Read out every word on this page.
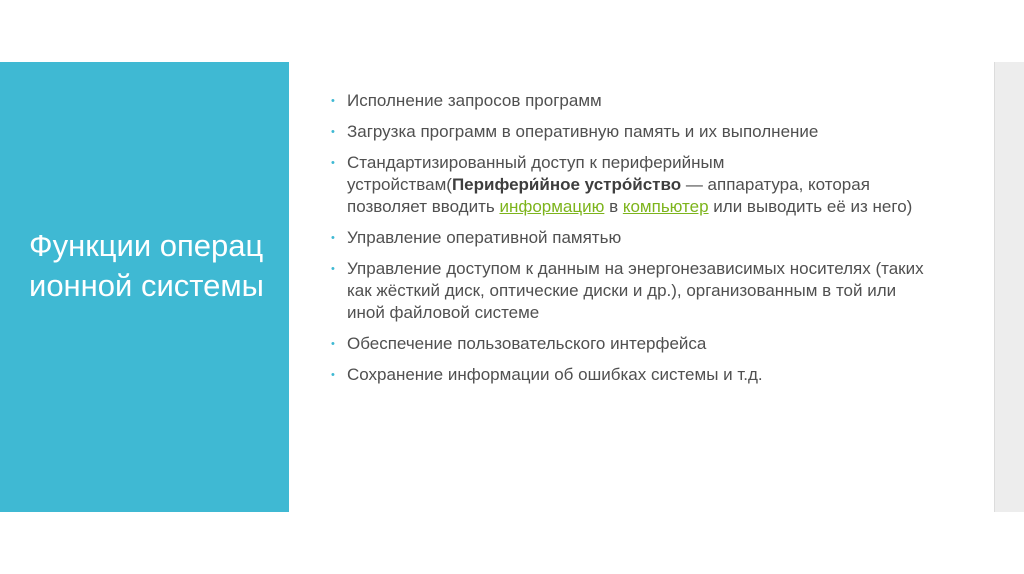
Функции операционной системы
• Исполнение запросов программ
• Загрузка программ в оперативную память и их выполнение
• Стандартизированный доступ к периферийным устройствам(Перифери́йное устро́йство — аппаратура, которая позволяет вводить информацию в компьютер или выводить её из него)
• Управление оперативной памятью
• Управление доступом к данным на энергонезависимых носителях (таких как жёсткий диск, оптические диски и др.), организованным в той или иной файловой системе
• Обеспечение пользовательского интерфейса
• Сохранение информации об ошибках системы и т.д.
